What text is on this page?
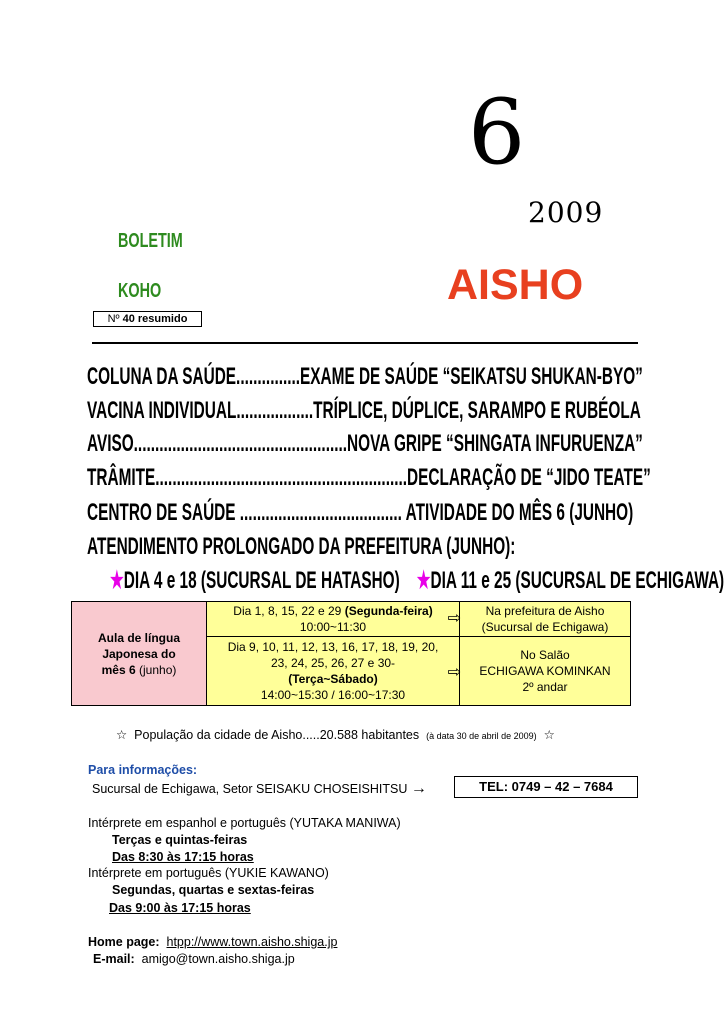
6
2009
BOLETIM
KOHO	AISHO
Nº 40 resumido
COLUNA DA SAÚDE...............EXAME DE SAÚDE “SEIKATSU SHUKAN-BYO”
VACINA INDIVIDUAL..................TRÍPLICE, DÚPLICE, SARAMPO E RUBÉOLA
AVISO..................................................NOVA GRIPE “SHINGATA INFURUENZA”
TRÂMITE...........................................................DECLARAÇÃO DE “JIDO TEATE”
CENTRO DE SAÚDE ...................................... ATIVIDADE DO MÊS 6 (JUNHO)
ATENDIMENTO PROLONGADO DA PREFEITURA (JUNHO):
★DIA 4 e 18 (SUCURSAL DE HATASHO) ★DIA 11 e 25 (SUCURSAL DE ECHIGAWA)
Aula de língua
Japonesa do
mês 6 (junho)	Dia 1, 8, 15, 22 e 29 (Segunda-feira)
10:00~11:30 ⇨	Na prefeitura de Aisho
(Sucursal de Echigawa)
	Dia 9, 10, 11, 12, 13, 16, 17, 18, 19, 20,
23, 24, 25, 26, 27 e 30-
(Terça~Sábado)
14:00~15:30 / 16:00~17:30
⇨	No Salão
ECHIGAWA KOMINKAN
2º andar
☆ População da cidade de Aisho.....20.588 habitantes (à data 30 de abril de 2009) ☆
Para informações:
Sucursal de Echigawa, Setor SEISAKU CHOSEISHITSU →	TEL: 0749 – 42 – 7684
Intérprete em espanhol e português (YUTAKA MANIWA)
Terças e quintas-feiras
Das 8:30 às 17:15 horas
Intérprete em português (YUKIE KAWANO)
Segundas, quartas e sextas-feiras
Das 9:00 às 17:15 horas
Home page: htpp://www.town.aisho.shiga.jp
E-mail: amigo@town.aisho.shiga.jp
